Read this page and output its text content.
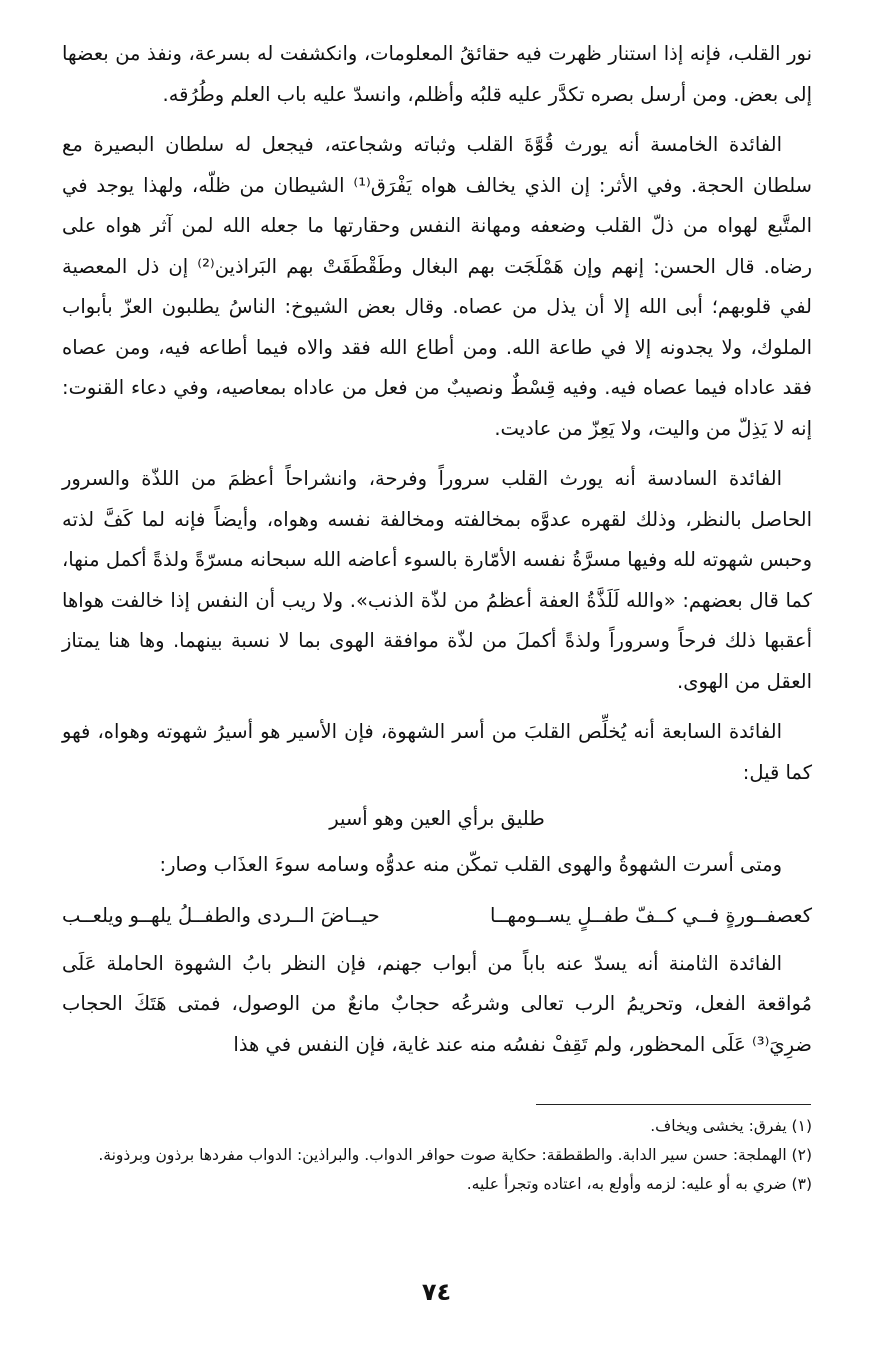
نور القلب، فإنه إذا استنار ظهرت فيه حقائقُ المعلومات، وانكشفت له بسرعة، ونفذ من بعضها إلى بعض. ومن أرسل بصره تكدَّر عليه قلبُه وأظلم، وانسدّ عليه باب العلم وطُرُقه.

الفائدة الخامسة أنه يورث قُوَّةَ القلب وثباته وشجاعته، فيجعل له سلطان البصيرة مع سلطان الحجة. وفي الأثر: إن الذي يخالف هواه يَفْرَق⁽¹⁾ الشيطان من ظلّه، ولهذا يوجد في المتَّبع لهواه من ذلّ القلب وضعفه ومهانة النفس وحقارتها ما جعله الله لمن آثر هواه على رضاه. قال الحسن: إنهم وإن هَمْلَجَت بهم البغال وطَقْطَقَتْ بهم البَراذين⁽²⁾ إن ذل المعصية لفي قلوبهم؛ أبى الله إلا أن يذل من عصاه. وقال بعض الشيوخ: الناسُ يطلبون العزّ بأبواب الملوك، ولا يجدونه إلا في طاعة الله. ومن أطاع الله فقد والاه فيما أطاعه فيه، ومن عصاه فقد عاداه فيما عصاه فيه. وفيه قِسْطٌ ونصيبٌ من فعل من عاداه بمعاصيه، وفي دعاء القنوت: إنه لا يَذِلّ من واليت، ولا يَعِزّ من عاديت.

الفائدة السادسة أنه يورث القلب سروراً وفرحة، وانشراحاً أعظمَ من اللذّة والسرور الحاصل بالنظر، وذلك لقهره عدوَّه بمخالفته ومخالفة نفسه وهواه، وأيضاً فإنه لما كَفَّ لذته وحبس شهوته لله وفيها مسرَّةُ نفسه الأمّارة بالسوء أعاضه الله سبحانه مسرّةً ولذةً أكمل منها، كما قال بعضهم: «والله لَلَذَّةُ العفة أعظمُ من لذّة الذنب». ولا ريب أن النفس إذا خالفت هواها أعقبها ذلك فرحاً وسروراً ولذةً أكملَ من لذّة موافقة الهوى بما لا نسبة بينهما. وها هنا يمتاز العقل من الهوى.

الفائدة السابعة أنه يُخلِّص القلبَ من أسر الشهوة، فإن الأسير هو أسيرُ شهوته وهواه، فهو كما قيل:

طليق برأي العين وهو أسير

ومتى أسرت الشهوةُ والهوى القلب تمكّن منه عدوُّه وسامه سوءَ العذَاب وصار:

كعصفــورةٍ فــي كــفّ طفــلٍ يســومهــا
حيــاضَ الــردى والطفــلُ يلهــو ويلعــب

الفائدة الثامنة أنه يسدّ عنه باباً من أبواب جهنم، فإن النظر بابُ الشهوة الحاملة عَلَى مُواقعة الفعل، وتحريمُ الرب تعالى وشرعُه حجابٌ مانعٌ من الوصول، فمتى هَتَكَ الحجاب ضرِيَ⁽³⁾ عَلَى المحظور، ولم تَقِفْ نفسُه منه عند غاية، فإن النفس في هذا

(١) يفرق: يخشى ويخاف.

(٢) الهملجة: حسن سير الدابة. والطقطقة: حكاية صوت حوافر الدواب. والبراذين: الدواب مفردها برذون وبرذونة.

(٣) ضري به أو عليه: لزمه وأولع به، اعتاده وتجرأ عليه.

٧٤
